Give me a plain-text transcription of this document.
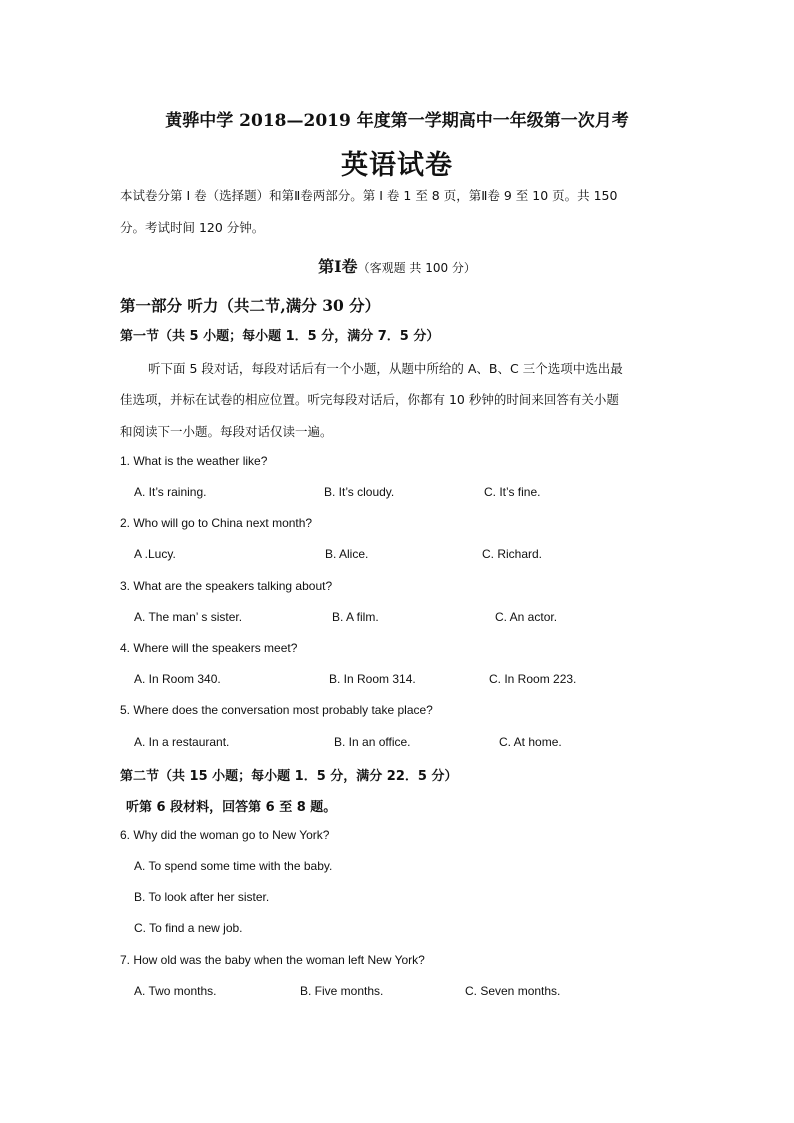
黄骅中学 2018—2019 年度第一学期高中一年级第一次月考
英语试卷

本试卷分第 I 卷（选择题）和第Ⅱ卷两部分。第 I 卷 1 至 8 页，第Ⅱ卷 9 至 10 页。共 150

分。考试时间 120 分钟。

第Ⅰ卷（客观题 共 100 分）
第一部分 听力（共二节,满分 30 分）
第一节（共 5 小题；每小题 1．5 分，满分 7．5 分）

听下面 5 段对话，每段对话后有一个小题，从题中所给的 A、B、C 三个选项中选出最

佳选项，并标在试卷的相应位置。听完每段对话后，你都有 10 秒钟的时间来回答有关小题

和阅读下一小题。每段对话仅读一遍。

1. What is the weather like?

A. It’s raining.	B. It’s cloudy.	C. It’s fine.

2. Who will go to China next month?

A .Lucy.	B. Alice.	C. Richard.

3. What are the speakers talking about?

A. The man’ s sister.	B. A film.	C. An actor.

4. Where will the speakers meet?

A. In Room 340.	B. In Room 314.	C. In Room 223.

5. Where does the conversation most probably take place?

A. In a restaurant.	B. In an office.	C. At home.
第二节（共 15 小题；每小题 1．5 分，满分 22．5 分）

听第 6 段材料，回答第 6 至 8 题。

6. Why did the woman go to New York?

A. To spend some time with the baby.
B. To look after her sister.
C. To find a new job.

7. How old was the baby when the woman left New York?

A. Two months.	B. Five months.	C. Seven months.
